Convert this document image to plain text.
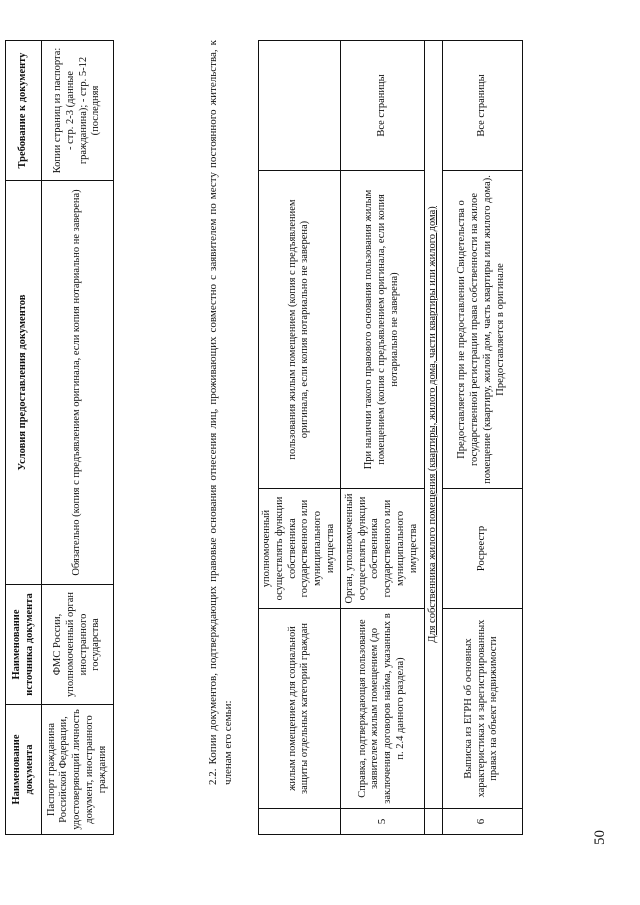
	жилым помещением для социальной защиты отдельных категорий граждан	уполномоченный осуществлять функции собственника государственного или муниципального имущества	пользования жилым помещением (копия с предъявлением оригинала, если копия нотариально не заверена)	
5	Справка, подтверждающая пользование заявителем жилым помещением (до заключения договоров найма, указанных в п. 2.4 данного раздела)	Орган, уполномоченный осуществлять функции собственника государственного или муниципального имущества	При наличии такого правового основания пользования жилым помещением (копия с предъявлением оригинала, если копия нотариально не заверена)	Все страницы
	Для собственника жилого помещения (квартиры, жилого дома, части квартиры или жилого дома)			
6	Выписка из ЕГРН об основных характеристиках и зарегистрированных правах на объект недвижимости	Росреестр	Предоставляется при не предоставлении Свидетельства о государственной регистрации права собственности на жилое помещение (квартиру, жилой дом, часть квартиры или жилого дома). Предоставляется в оригинале	Все страницы
2.2. Копии документов, подтверждающих правовые основания отнесения лиц, проживающих совместно с заявителем по месту постоянного жительства, к членам его семьи:
Наименование документа	Наименование источника документа	Условия предоставления документов	Требование к документу
Паспорт гражданина Российской Федерации, удостоверяющий личность документ, иностранного граждания	ФМС России, уполномоченный орган иностранного государства	Обязательно (копия с предъявлением оригинала, если копия нотариально не заверена)	Копии страниц из паспорта: - стр. 2-3 (данные гражданина); - стр. 5-12 (последняя
50
